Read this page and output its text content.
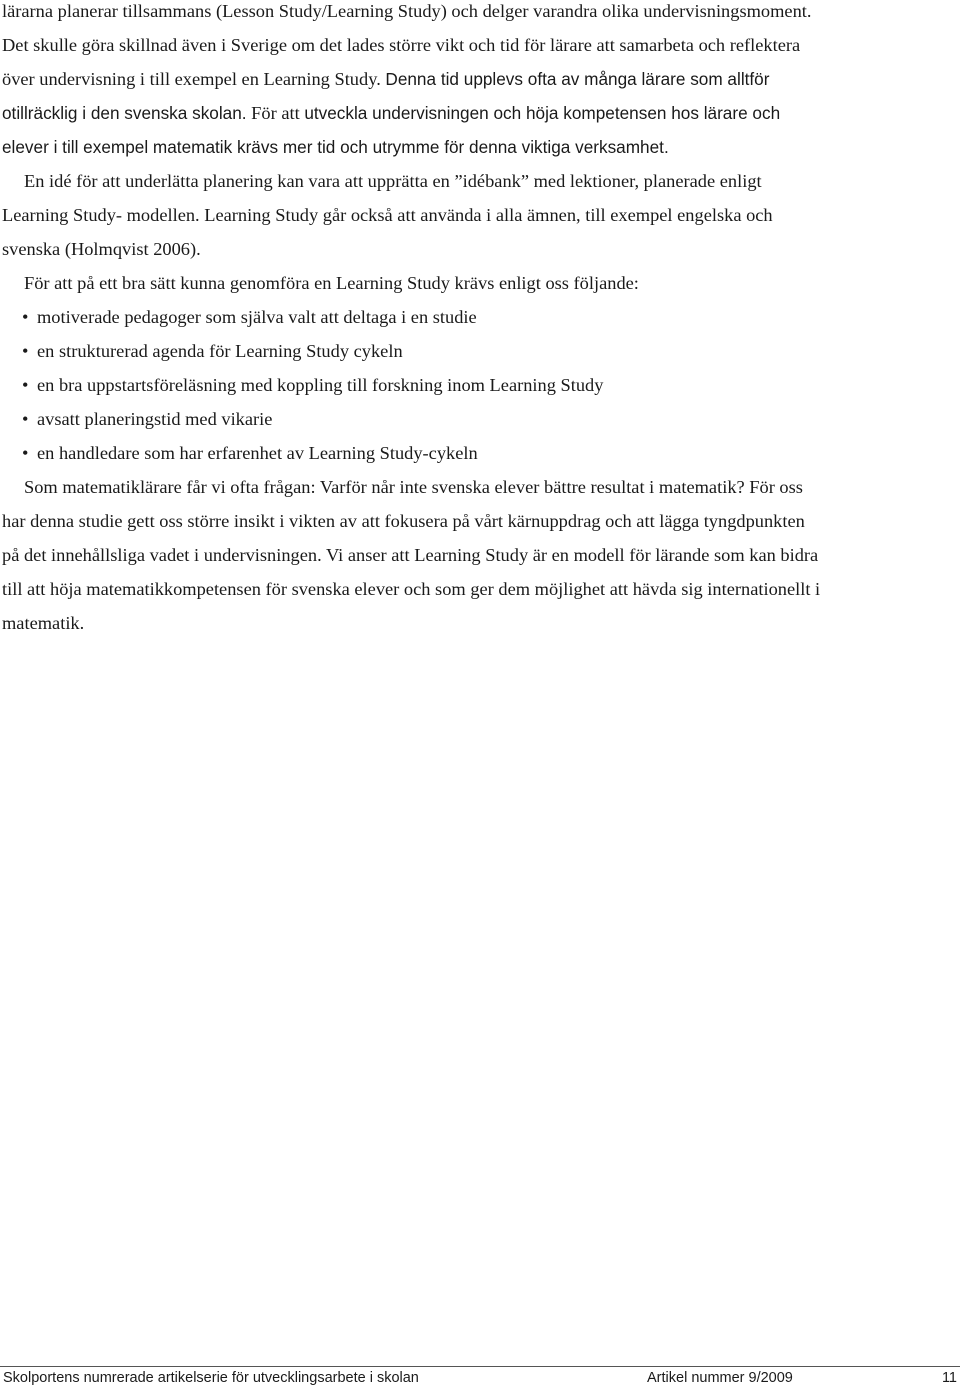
lärarna planerar tillsammans (Lesson Study/Learning Study) och delger varandra olika undervisningsmoment. Det skulle göra skillnad även i Sverige om det lades större vikt och tid för lärare att samarbeta och reflektera över undervisning i till exempel en Learning Study. Denna tid upplevs ofta av många lärare som alltför otillräcklig i den svenska skolan. För att utveckla undervisningen och höja kompetensen hos lärare och elever i till exempel matematik krävs mer tid och utrymme för denna viktiga verksamhet.

En idé för att underlätta planering kan vara att upprätta en ”idébank” med lektioner, planerade enligt Learning Study- modellen. Learning Study går också att använda i alla ämnen, till exempel engelska och svenska (Holmqvist 2006).

För att på ett bra sätt kunna genomföra en Learning Study krävs enligt oss följande:

• motiverade pedagoger som själva valt att deltaga i en studie
• en strukturerad agenda för Learning Study cykeln
• en bra uppstartsföreläsning med koppling till forskning inom Learning Study
• avsatt planeringstid med vikarie
• en handledare som har erfarenhet av Learning Study-cykeln

Som matematiklärare får vi ofta frågan: Varför når inte svenska elever bättre resultat i matematik? För oss har denna studie gett oss större insikt i vikten av att fokusera på vårt kärnuppdrag och att lägga tyngdpunkten på det innehållsliga vadet i undervisningen. Vi anser att Learning Study är en modell för lärande som kan bidra till att höja matematikkompetensen för svenska elever och som ger dem möjlighet att hävda sig internationellt i matematik.

Skolportens numrerade artikelserie för utvecklingsarbete i skolan	Artikel nummer 9/2009	11
